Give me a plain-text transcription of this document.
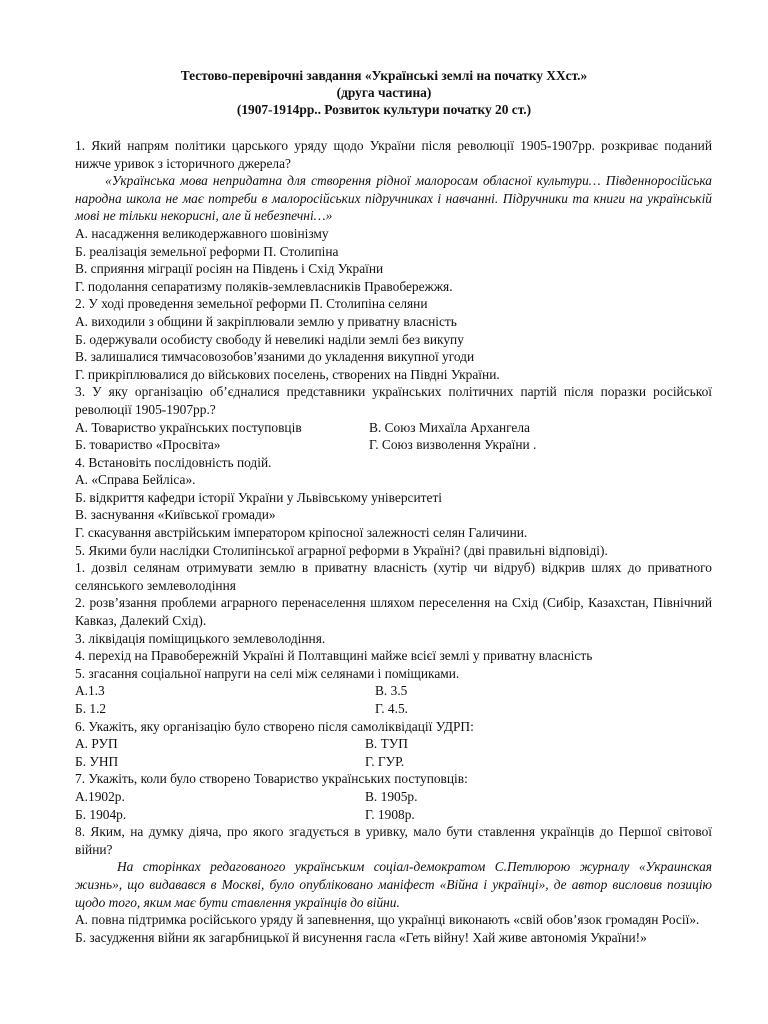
Тестово-перевірочні завдання «Українські землі на початку ХХст.»
(друга частина)
(1907-1914рр.. Розвиток культури початку 20 ст.)

1. Який напрям політики царського уряду щодо України після революції 1905-1907рр. розкриває поданий нижче уривок з історичного джерела?

«Українська мова непридатна для створення рідної малоросам обласної культури… Південноросійська народна школа не має потреби в малоросійських підручниках і навчанні. Підручники та книги на українській мові не тільки некорисні, але й небезпечні…»

А. насадження великодержавного шовінізму

Б. реалізація земельної реформи П. Столипіна

В. сприяння міграції росіян на Південь і Схід України

Г. подолання сепаратизму поляків-землевласників Правобережжя.

2. У ході проведення земельної реформи П. Столипіна селяни

А. виходили з общини й закріплювали землю у приватну власність

Б. одержували особисту свободу й невеликі наділи землі без викупу

В. залишалися тимчасовозобов’язаними до укладення викупної угоди

Г. прикріплювалися до військових поселень, створених на Півдні України.

3. У яку організацію об’єдналися представники українських політичних партій після поразки російської революції 1905-1907рр.?

А. Товариство українських поступовців	В. Союз Михаїла Архангела
Б. товариство «Просвіта»	Г. Союз визволення України .

4. Встановіть послідовність подій.

А. «Справа Бейліса».

Б. відкриття кафедри історії України у Львівському університеті

В. заснування «Київської громади»

Г. скасування австрійським імператором кріпосної залежності селян Галичини.

5. Якими були наслідки Столипінської аграрної реформи в Україні? (дві правильні відповіді).

1. дозвіл селянам отримувати землю в приватну власність (хутір чи відруб) відкрив шлях до приватного селянського землеволодіння

2. розв’язання проблеми аграрного перенаселення шляхом переселення на Схід (Сибір, Казахстан, Північний Кавказ, Далекий Схід).

3. ліквідація поміщицького землеволодіння.

4. перехід на Правобережній Україні й Полтавщині майже всієї землі у приватну власність

5. згасання соціальної напруги на селі між селянами і поміщиками.

А.1.3	В. 3.5
Б. 1.2	Г. 4.5.

6. Укажіть, яку організацію було створено після самоліквідації УДРП:

А. РУП	В. ТУП
Б. УНП	Г. ГУР.

7. Укажіть, коли було створено Товариство українських поступовців:

А.1902р.	В. 1905р.
Б. 1904р.	Г. 1908р.

8. Яким, на думку діяча, про якого згадується в уривку, мало бути ставлення українців до Першої світової війни?

На сторінках редагованого українським соціал-демократом С.Петлюрою журналу «Украинская жизнь», що видавався в Москві, було опубліковано маніфест «Війна і українці», де автор висловив позицію щодо того, яким має бути ставлення українців до війни.

А. повна підтримка російського уряду й запевнення, що українці виконають «свій обов’язок громадян Росії».

Б. засудження війни як загарбницької й висунення гасла «Геть війну! Хай живе автономія України!»
